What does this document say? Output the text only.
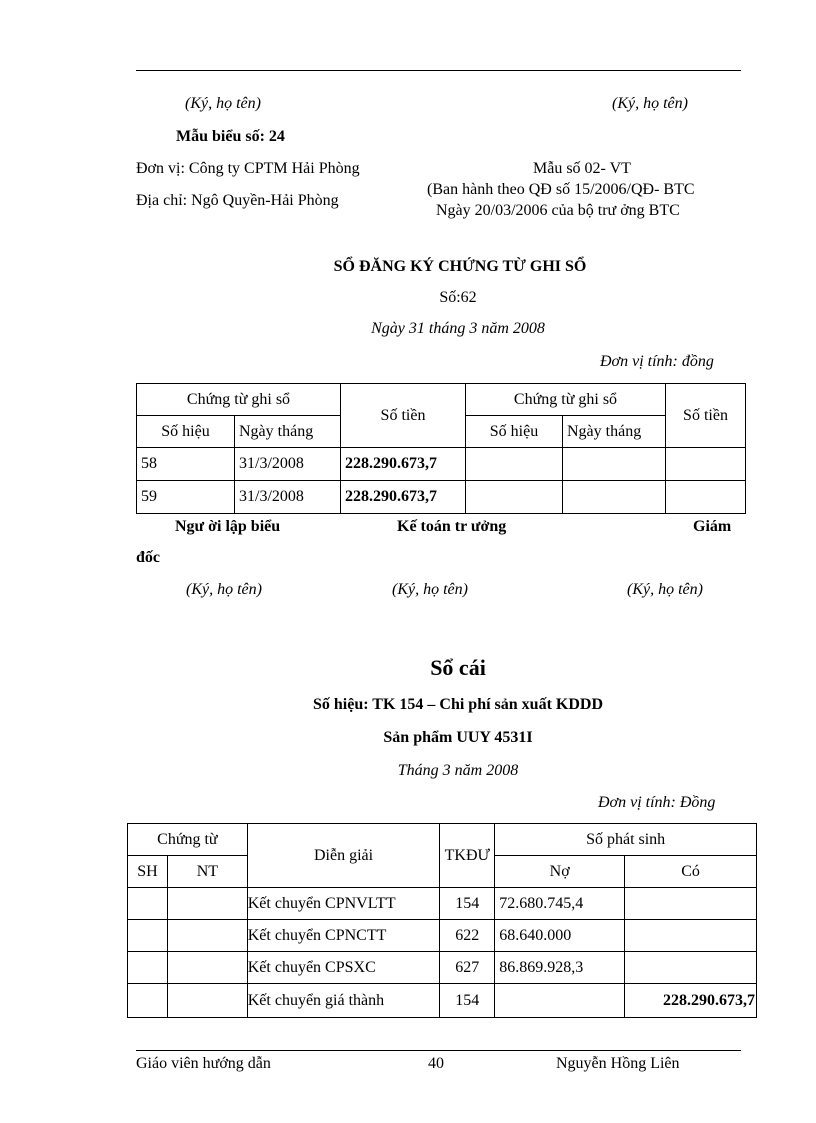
(Ký, họ tên)	(Ký, họ tên)
Mẫu biểu số: 24
Đơn vị: Công ty CPTM Hải Phòng
Địa chỉ: Ngô Quyền-Hải Phòng
Mẫu số 02- VT
(Ban hành theo QĐ số 15/2006/QĐ- BTC
Ngày 20/03/2006 của bộ trư ởng BTC
SỔ ĐĂNG KÝ CHỨNG TỪ GHI SỔ
Số:62
Ngày 31 tháng 3 năm 2008
Đơn vị tính: đồng
Chứng từ ghi sổ		Số tiền	Chứng từ ghi sổ		Số tiền
Số hiệu	Ngày tháng		Số hiệu	Ngày tháng	
58	31/3/2008	228.290.673,7			
59	31/3/2008	228.290.673,7			
Ngư ời lập biểu	Kế toán tr ưởng	Giám
đốc
(Ký, họ tên)	(Ký, họ tên)	(Ký, họ tên)
Sổ cái
Số hiệu: TK 154 – Chi phí sản xuất KDDD
Sản phẩm UUY 4531I
Tháng 3 năm 2008
Đơn vị tính: Đồng
Chứng từ		Diễn giải	TKĐƯ	Số phát sinh	
SH	NT			Nợ	Có
		Kết chuyển CPNVLTT	154	72.680.745,4	
		Kết chuyển CPNCTT	622	68.640.000	
		Kết chuyển CPSXC	627	86.869.928,3	
		Kết chuyển giá thành	154		228.290.673,7
Giáo viên hướng dẫn	40	Nguyễn Hồng Liên
